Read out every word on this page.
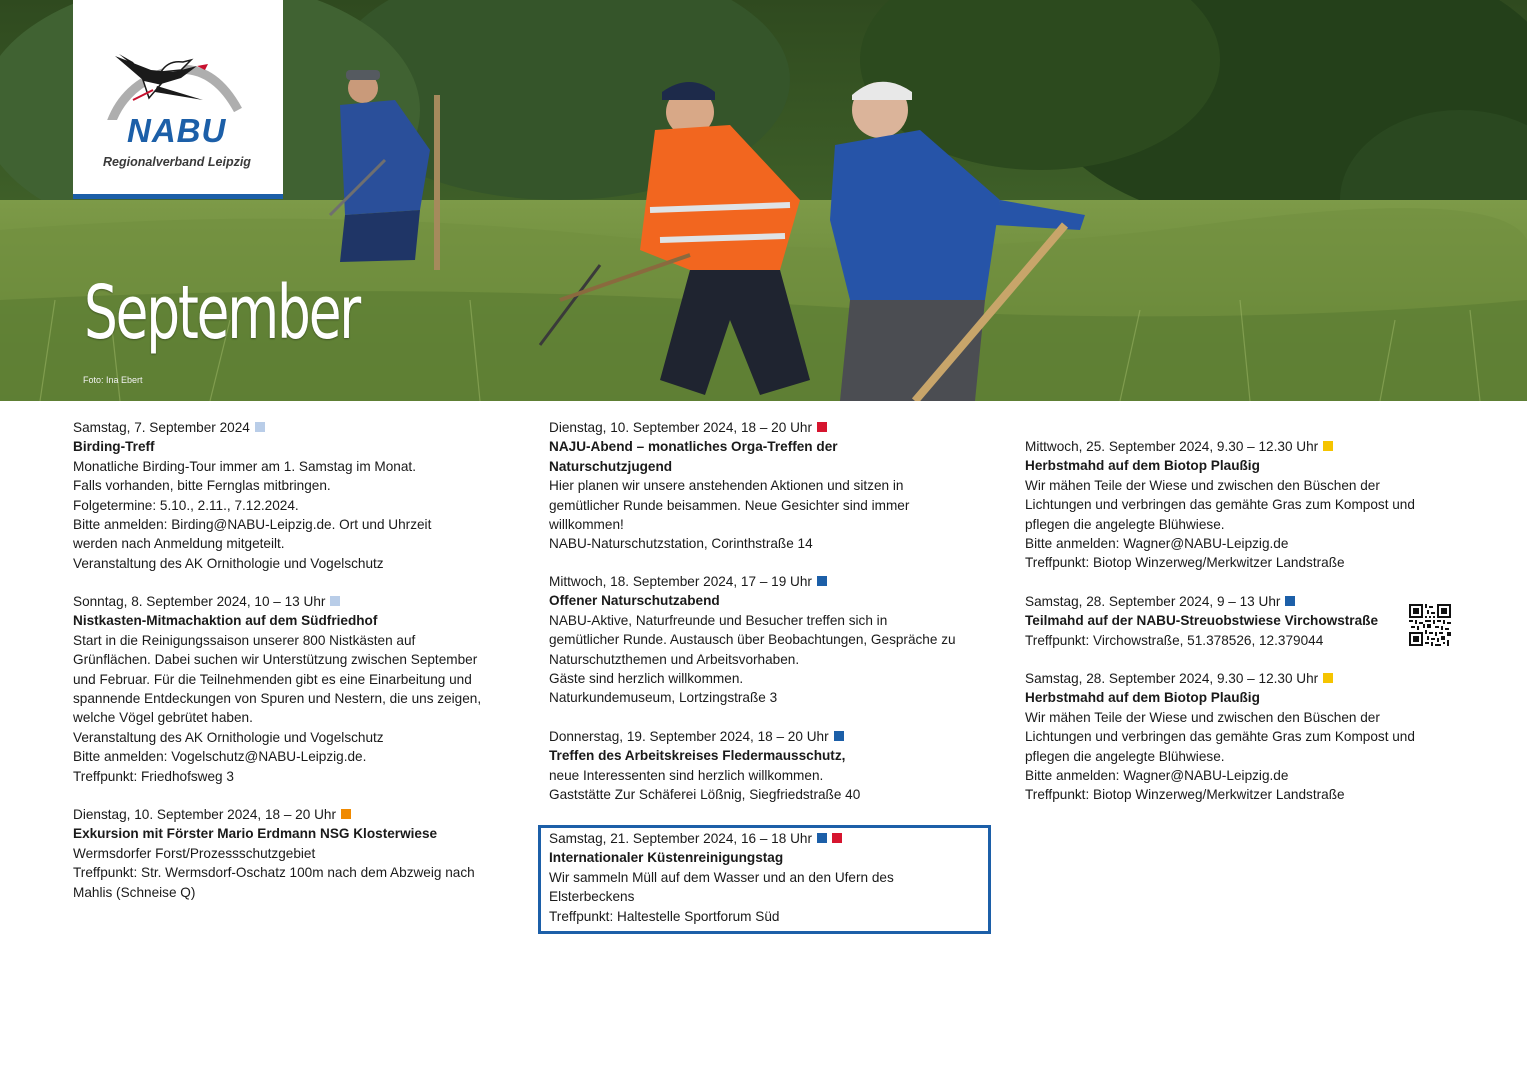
September
Foto: Ina Ebert
NABU
Regionalverband Leipzig
Samstag, 7. September 2024
Birding-Treff
Monatliche Birding-Tour immer am 1. Samstag im Monat.
Falls vorhanden, bitte Fernglas mitbringen.
Folgetermine: 5.10., 2.11., 7.12.2024.
Bitte anmelden: Birding@NABU-Leipzig.de. Ort und Uhrzeit
werden nach Anmeldung mitgeteilt.
Veranstaltung des AK Ornithologie und Vogelschutz
Sonntag, 8. September 2024, 10 – 13 Uhr
Nistkasten-Mitmachaktion auf dem Südfriedhof
Start in die Reinigungssaison unserer 800 Nistkästen auf
Grünflächen. Dabei suchen wir Unterstützung zwischen September
und Februar. Für die Teilnehmenden gibt es eine Einarbeitung und
spannende Entdeckungen von Spuren und Nestern, die uns zeigen,
welche Vögel gebrütet haben.
Veranstaltung des AK Ornithologie und Vogelschutz
Bitte anmelden: Vogelschutz@NABU-Leipzig.de.
Treffpunkt: Friedhofsweg 3
Dienstag, 10. September 2024, 18 – 20 Uhr
Exkursion mit Förster Mario Erdmann NSG Klosterwiese
Wermsdorfer Forst/Prozessschutzgebiet
Treffpunkt: Str. Wermsdorf-Oschatz 100m nach dem Abzweig nach
Mahlis (Schneise Q)
Dienstag, 10. September 2024, 18 – 20 Uhr
NAJU-Abend – monatliches Orga-Treffen der
Naturschutzjugend
Hier planen wir unsere anstehenden Aktionen und sitzen in
gemütlicher Runde beisammen. Neue Gesichter sind immer
willkommen!
NABU-Naturschutzstation, Corinthstraße 14
Mittwoch, 18. September 2024, 17 – 19 Uhr
Offener Naturschutzabend
NABU-Aktive, Naturfreunde und Besucher treffen sich in
gemütlicher Runde. Austausch über Beobachtungen, Gespräche zu
Naturschutzthemen und Arbeitsvorhaben.
Gäste sind herzlich willkommen.
Naturkundemuseum, Lortzingstraße 3
Donnerstag, 19. September 2024, 18 – 20 Uhr
Treffen des Arbeitskreises Fledermausschutz,
neue Interessenten sind herzlich willkommen.
Gaststätte Zur Schäferei Lößnig, Siegfriedstraße 40
Samstag, 21. September 2024, 16 – 18 Uhr
Internationaler Küstenreinigungstag
Wir sammeln Müll auf dem Wasser und an den Ufern des
Elsterbeckens
Treffpunkt: Haltestelle Sportforum Süd
Mittwoch, 25. September 2024, 9.30 – 12.30 Uhr
Herbstmahd auf dem Biotop Plaußig
Wir mähen Teile der Wiese und zwischen den Büschen der
Lichtungen und verbringen das gemähte Gras zum Kompost und
pflegen die angelegte Blühwiese.
Bitte anmelden: Wagner@NABU-Leipzig.de
Treffpunkt: Biotop Winzerweg/Merkwitzer Landstraße
Samstag, 28. September 2024, 9 – 13 Uhr
Teilmahd auf der NABU-Streuobstwiese Virchowstraße
Treffpunkt: Virchowstraße, 51.378526, 12.379044
Samstag, 28. September 2024, 9.30 – 12.30 Uhr
Herbstmahd auf dem Biotop Plaußig
Wir mähen Teile der Wiese und zwischen den Büschen der
Lichtungen und verbringen das gemähte Gras zum Kompost und
pflegen die angelegte Blühwiese.
Bitte anmelden: Wagner@NABU-Leipzig.de
Treffpunkt: Biotop Winzerweg/Merkwitzer Landstraße
